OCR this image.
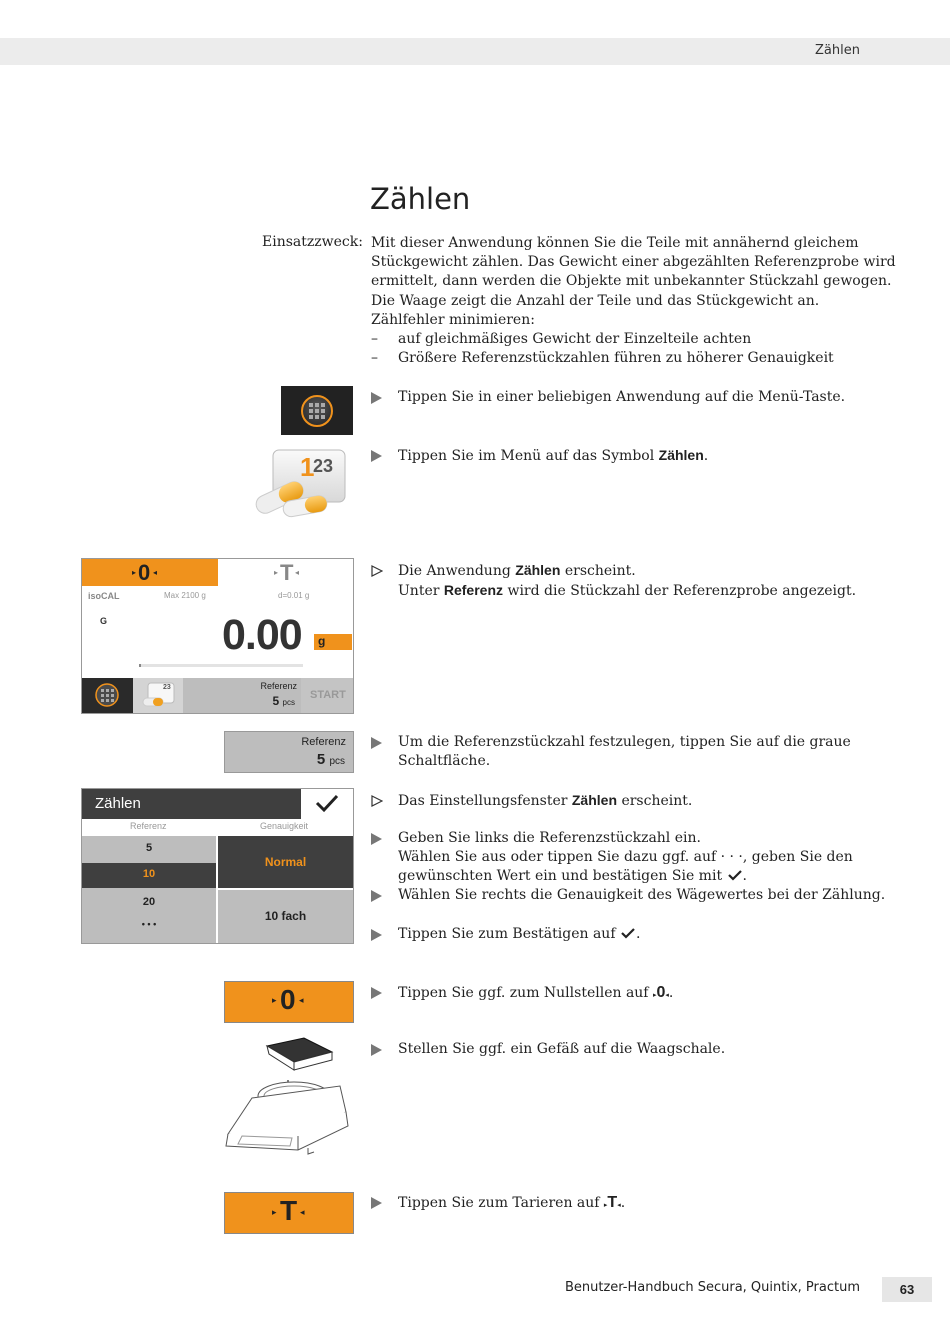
Zählen
Zählen
Einsatzzweck: Mit dieser Anwendung können Sie die Teile mit annähernd gleichem Stückgewicht zählen. Das Gewicht einer abgezählten Referenzprobe wird ermittelt, dann werden die Objekte mit unbekannter Stückzahl gewogen. Die Waage zeigt die Anzahl der Teile und das Stückgewicht an.

Zählfehler minimieren:

–	auf gleichmäßiges Gewicht der Einzelteile achten
–	Größere Referenzstückzahlen führen zu höherer Genauigkeit
1
23
0
▸ ◂	T
▸ ◂
isoCAL	Max 2100 g	d=0.01 g
G	0.00 g
23	Referenz
5 pcs
START
Referenz
5 pcs
Zählen
Referenz	Genauigkeit
5
10
20
• • •
Normal
10 fach
0
▸ ◂
T
▸	◂
Tippen Sie in einer beliebigen Anwendung auf die Menü-Taste.
Tippen Sie im Menü auf das Symbol Zählen.
Die Anwendung Zählen erscheint.
Unter Referenz wird die Stückzahl der Referenzprobe angezeigt.
Um die Referenzstückzahl festzulegen, tippen Sie auf die graue Schaltfläche.
Das Einstellungsfenster Zählen erscheint.
Geben Sie links die Referenzstückzahl ein.
Wählen Sie aus oder tippen Sie dazu ggf. auf · · ·, geben Sie den gewünschten Wert ein und bestätigen Sie mit .
Wählen Sie rechts die Genauigkeit des Wägewertes bei der Zählung.
Tippen Sie zum Bestätigen auf .
Tippen Sie ggf. zum Nullstellen auf ▸0◂.
Stellen Sie ggf. ein Gefäß auf die Waagschale.
Tippen Sie zum Tarieren auf ▸T◂.
Benutzer-Handbuch Secura, Quintix, Practum	63
